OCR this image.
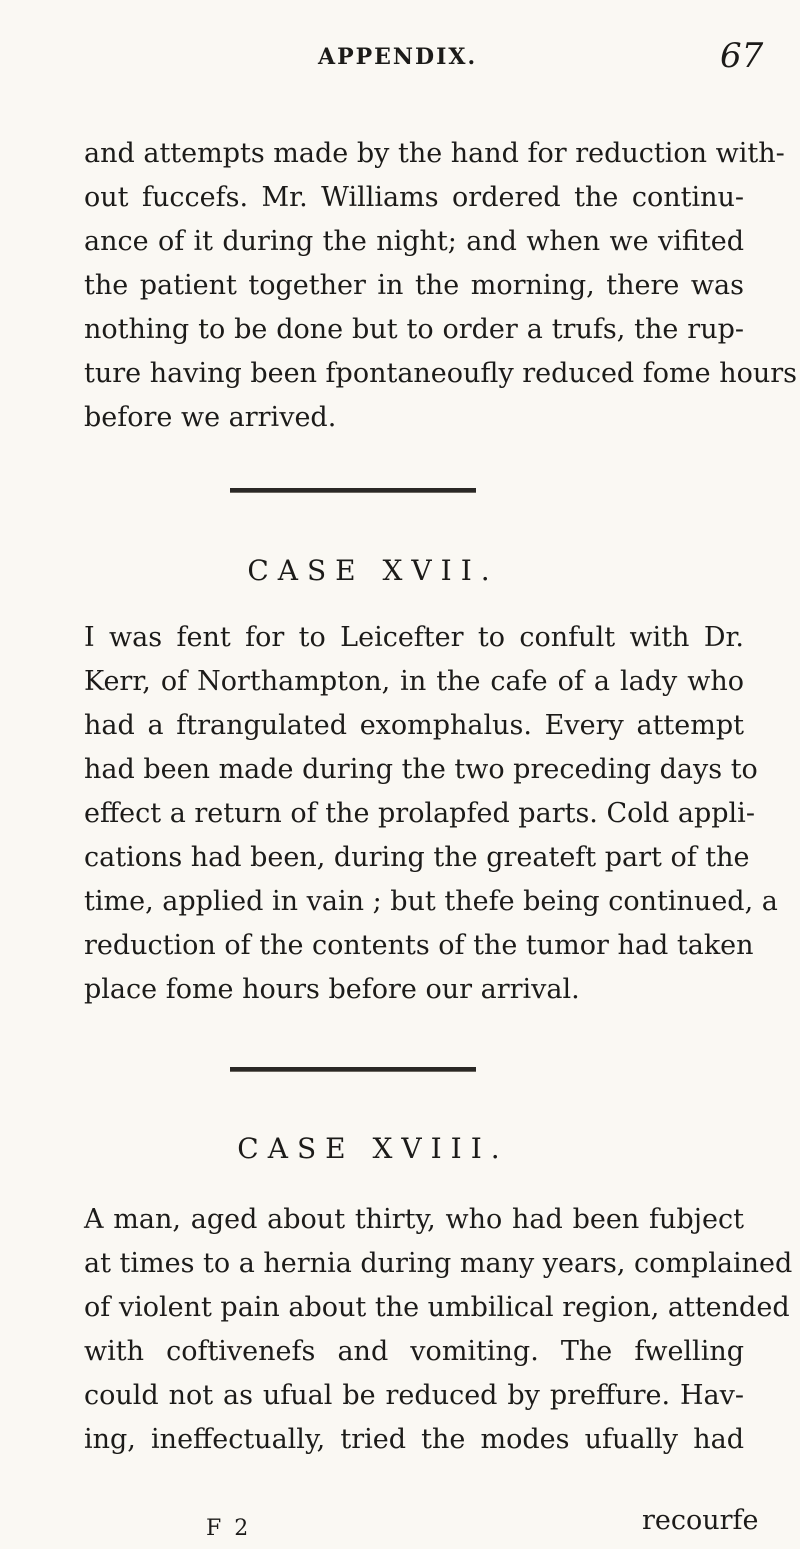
APPENDIX.	67
and attempts made by the hand for reduction with-
out fuccefs. Mr. Williams ordered the continu-
ance of it during the night; and when we vifited
the patient together in the morning, there was
nothing to be done but to order a trufs, the rup-
ture having been fpontaneoufly reduced fome hours
before we arrived.
CASE XVII.
I was fent for to Leicefter to confult with Dr.
Kerr, of Northampton, in the cafe of a lady who
had a ftrangulated exomphalus. Every attempt
had been made during the two preceding days to
effect a return of the prolapfed parts. Cold appli-
cations had been, during the greateft part of the
time, applied in vain ; but thefe being continued, a
reduction of the contents of the tumor had taken
place fome hours before our arrival.
CASE XVIII.
A man, aged about thirty, who had been fubject
at times to a hernia during many years, complained
of violent pain about the umbilical region, attended
with coftivenefs and vomiting. The fwelling
could not as ufual be reduced by preffure. Hav-
ing, ineffectually, tried the modes ufually had
F 2	recourfe
